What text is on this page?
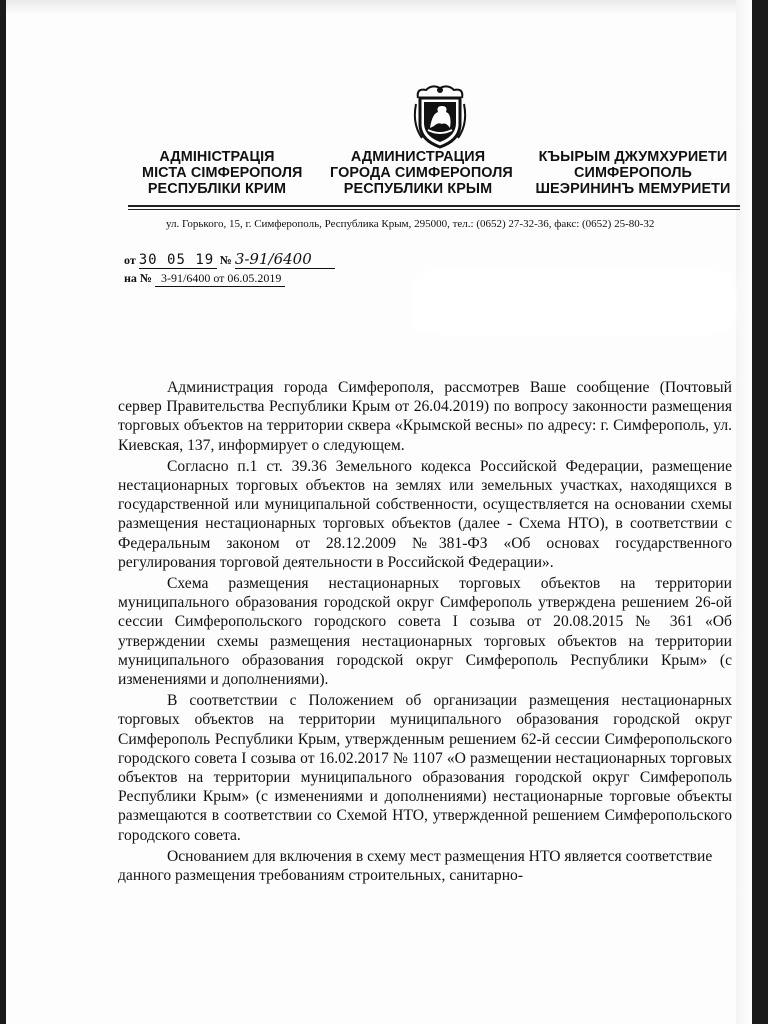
АДМІНІСТРАЦІЯ
МІСТА СІМФЕРОПОЛЯ
РЕСПУБЛІКИ КРИМ
АДМИНИСТРАЦИЯ
ГОРОДА СИМФЕРОПОЛЯ
РЕСПУБЛИКИ КРЫМ
КЪЫРЫМ ДЖУМХУРИЕТИ
СИМФЕРОПОЛЬ
ШЕЭРИНИНЪ МЕМУРИЕТИ
ул. Горького, 15, г. Симферополь, Республика Крым, 295000, тел.: (0652) 27-32-36, факс: (0652) 25-80-32
от 30 05 19 № 3-91/6400
на № 3-91/6400 от 06.05.2019

Администрация города Симферополя, рассмотрев Ваше сообщение (Почтовый сервер Правительства Республики Крым от 26.04.2019) по вопросу законности размещения торговых объектов на территории сквера «Крымской весны» по адресу: г. Симферополь, ул. Киевская, 137, информирует о следующем.

Согласно п.1 ст. 39.36 Земельного кодекса Российской Федерации, размещение нестационарных торговых объектов на землях или земельных участках, находящихся в государственной или муниципальной собственности, осуществляется на основании схемы размещения нестационарных торговых объектов (далее - Схема НТО), в соответствии с Федеральным законом от 28.12.2009 №381-ФЗ «Об основах государственного регулирования торговой деятельности в Российской Федерации».

Схема размещения нестационарных торговых объектов на территории муниципального образования городской округ Симферополь утверждена решением 26-ой сессии Симферопольского городского совета I созыва от 20.08.2015 № 361 «Об утверждении схемы размещения нестационарных торговых объектов на территории муниципального образования городской округ Симферополь Республики Крым» (с изменениями и дополнениями).

В соответствии с Положением об организации размещения нестационарных торговых объектов на территории муниципального образования городской округ Симферополь Республики Крым, утвержденным решением 62-й сессии Симферопольского городского совета I созыва от 16.02.2017 № 1107 «О размещении нестационарных торговых объектов на территории муниципального образования городской округ Симферополь Республики Крым» (с изменениями и дополнениями) нестационарные торговые объекты размещаются в соответствии со Схемой НТО, утвержденной решением Симферопольского городского совета.

Основанием для включения в схему мест размещения НТО является соответствие данного размещения требованиям строительных, санитарно-
